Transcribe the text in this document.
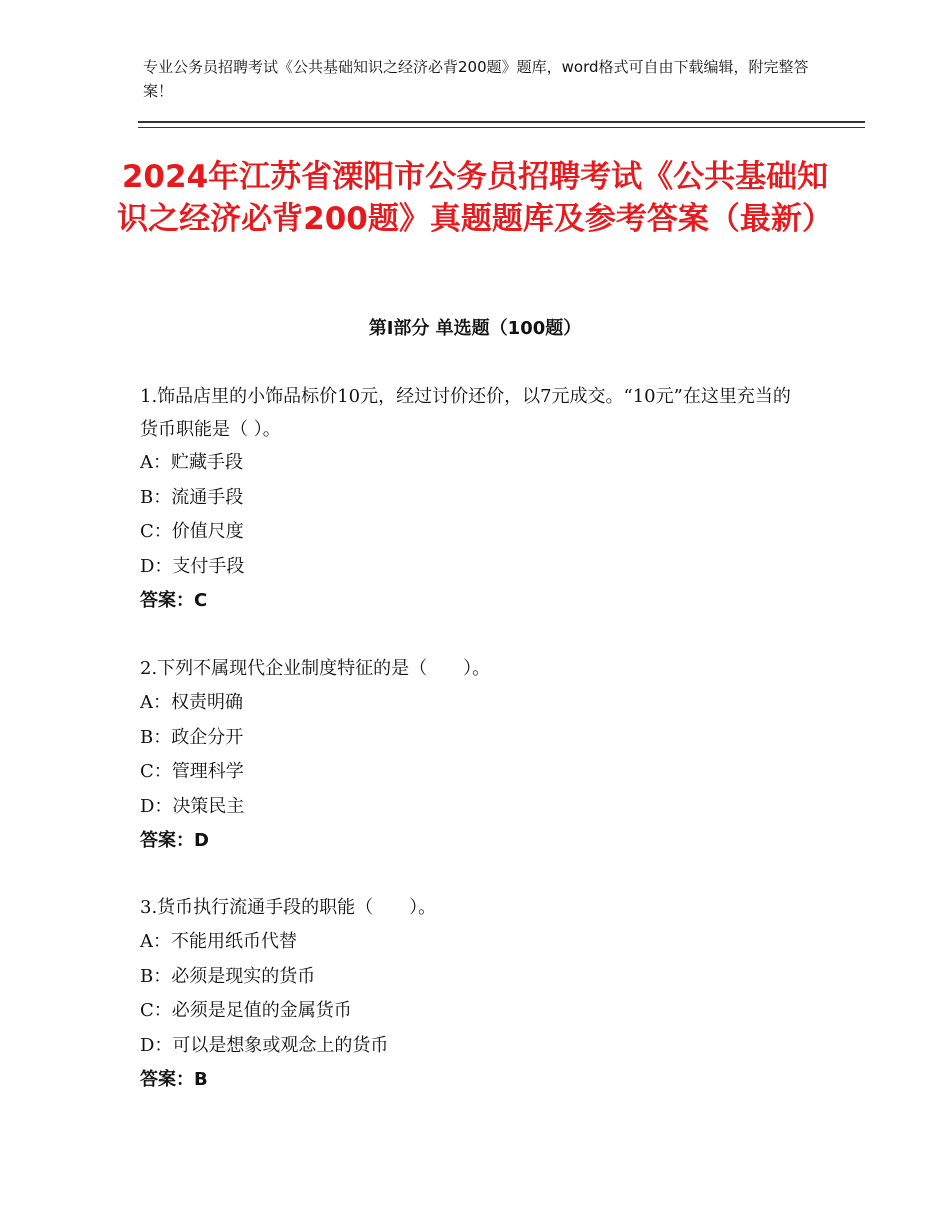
专业公务员招聘考试《公共基础知识之经济必背200题》题库，word格式可自由下载编辑，附完整答案！
2024年江苏省溧阳市公务员招聘考试《公共基础知识之经济必背200题》真题题库及参考答案（最新）
第Ⅰ部分 单选题（100题）

1.饰品店里的小饰品标价10元，经过讨价还价，以7元成交。“10元”在这里充当的货币职能是（ ）。

A：贮藏手段

B：流通手段

C：价值尺度

D：支付手段

答案：C

2.下列不属现代企业制度特征的是（　　）。

A：权责明确

B：政企分开

C：管理科学

D：决策民主

答案：D

3.货币执行流通手段的职能（　　）。

A：不能用纸币代替

B：必须是现实的货币

C：必须是足值的金属货币

D：可以是想象或观念上的货币

答案：B
